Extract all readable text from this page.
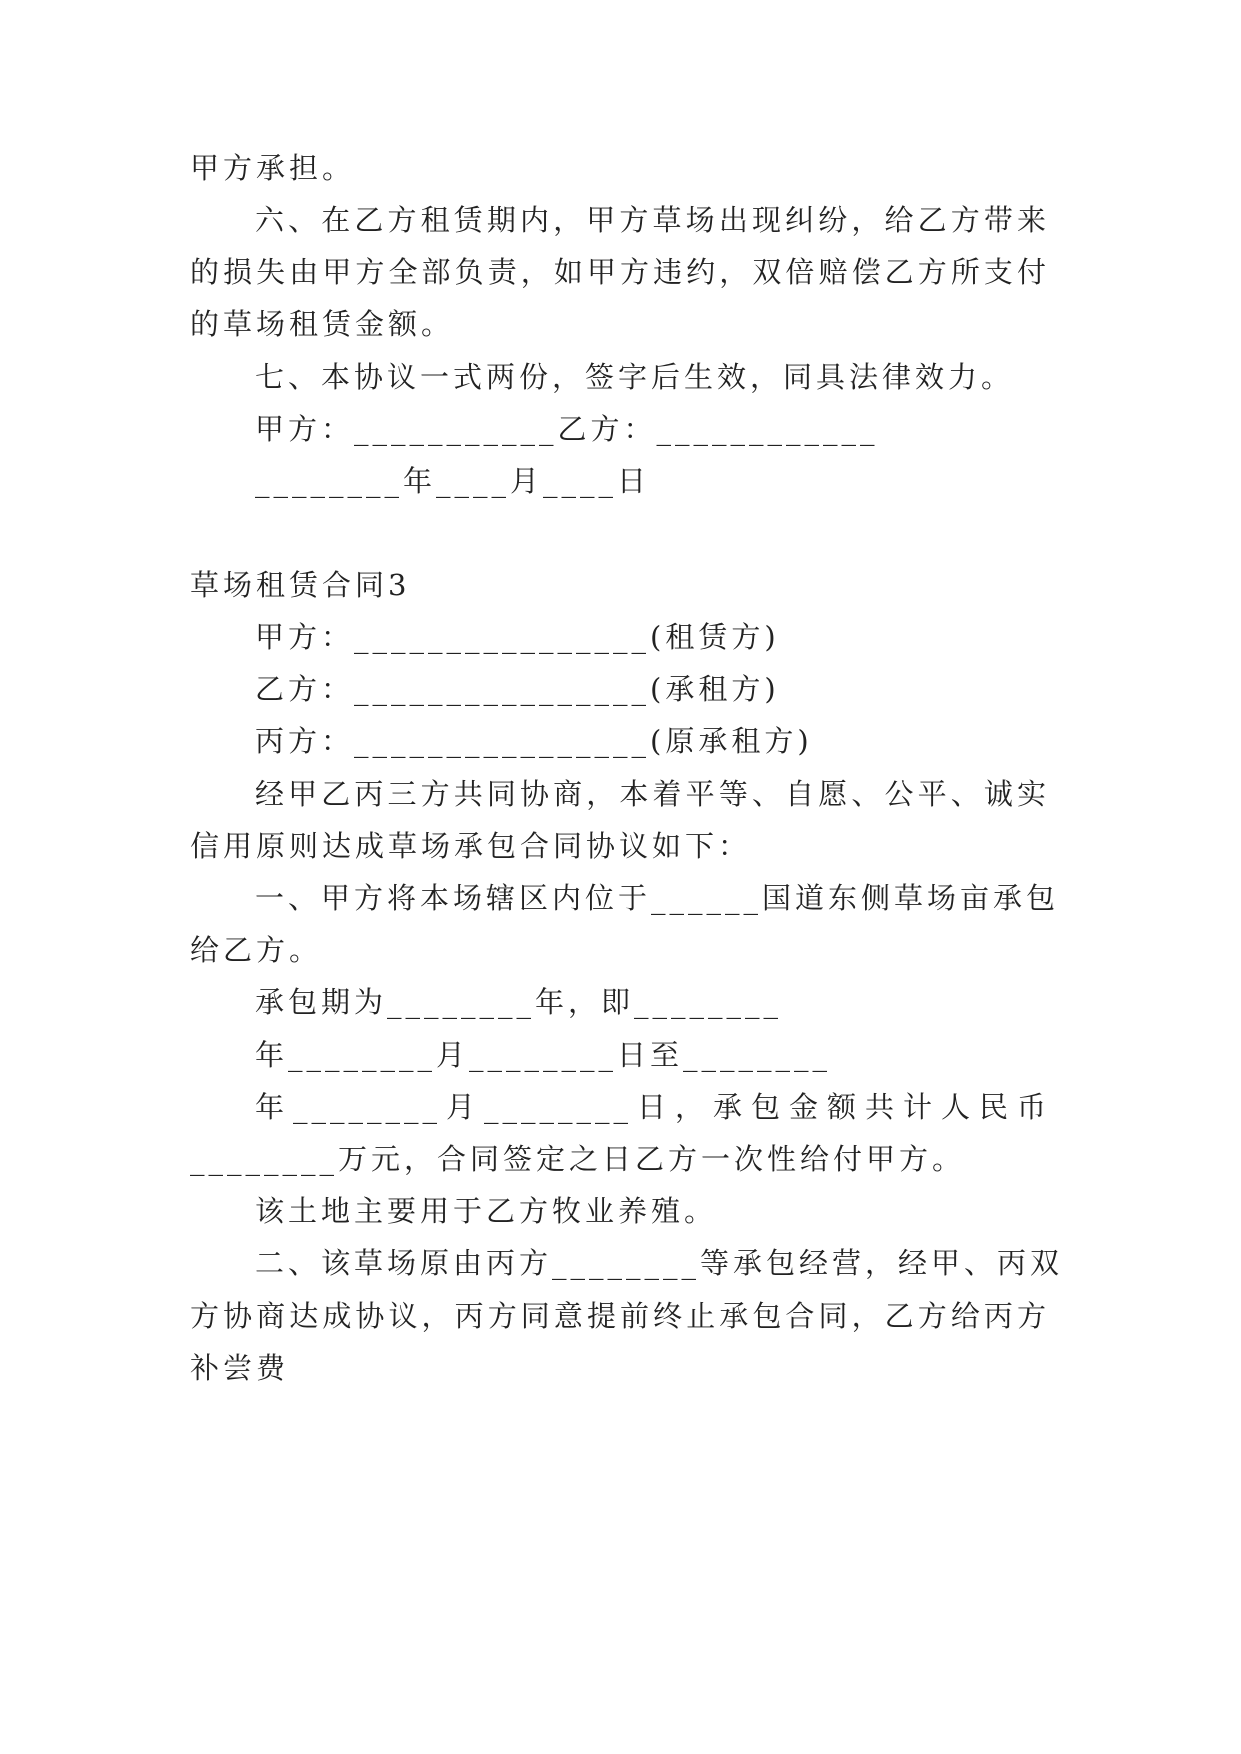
甲方承担。
六、在乙方租赁期内，甲方草场出现纠纷，给乙方带来
的损失由甲方全部负责，如甲方违约，双倍赔偿乙方所支付
的草场租赁金额。
七、本协议一式两份，签字后生效，同具法律效力。
甲方：___________乙方：____________
________年____月____日
草场租赁合同3
甲方：________________(租赁方)
乙方：________________(承租方)
丙方：________________(原承租方)
经甲乙丙三方共同协商，本着平等、自愿、公平、诚实
信用原则达成草场承包合同协议如下：
一、甲方将本场辖区内位于______国道东侧草场亩承包
给乙方。
承包期为________年，即________
年________月________日至________
年________月________日，承包金额共计人民币
________万元，合同签定之日乙方一次性给付甲方。
该土地主要用于乙方牧业养殖。
二、该草场原由丙方________等承包经营，经甲、丙双
方协商达成协议，丙方同意提前终止承包合同，乙方给丙方
补尝费
